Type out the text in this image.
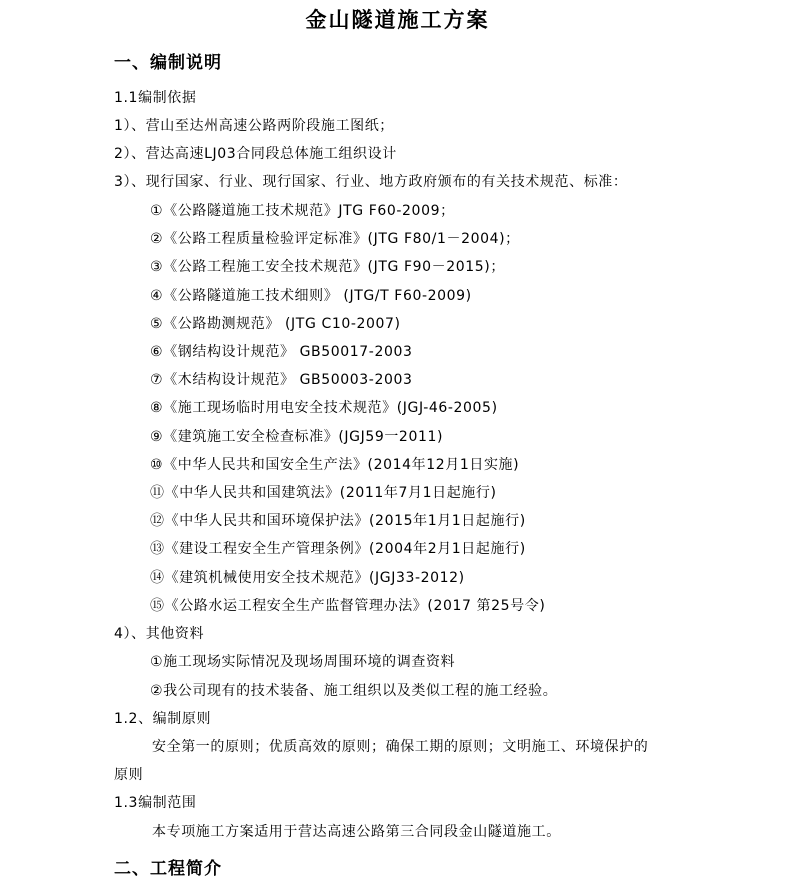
金山隧道施工方案
一、编制说明
1.1编制依据
1）、营山至达州高速公路两阶段施工图纸；
2）、营达高速LJ03合同段总体施工组织设计
3）、现行国家、行业、现行国家、行业、地方政府颁布的有关技术规范、标准：
①《公路隧道施工技术规范》JTG F60-2009；
②《公路工程质量检验评定标准》(JTG F80/1－2004)；
③《公路工程施工安全技术规范》(JTG F90－2015)；
④《公路隧道施工技术细则》 (JTG/T F60-2009)
⑤《公路勘测规范》 (JTG C10-2007)
⑥《钢结构设计规范》 GB50017-2003
⑦《木结构设计规范》 GB50003-2003
⑧《施工现场临时用电安全技术规范》(JGJ-46-2005)
⑨《建筑施工安全检查标准》(JGJ59一2011)
⑩《中华人民共和国安全生产法》(2014年12月1日实施)
⑪《中华人民共和国建筑法》(2011年7月1日起施行)
⑫《中华人民共和国环境保护法》(2015年1月1日起施行)
⑬《建设工程安全生产管理条例》(2004年2月1日起施行)
⑭《建筑机械使用安全技术规范》(JGJ33-2012)
⑮《公路水运工程安全生产监督管理办法》(2017 第25号令)
4）、其他资料
①施工现场实际情况及现场周围环境的调查资料
②我公司现有的技术装备、施工组织以及类似工程的施工经验。
1.2、编制原则
安全第一的原则；优质高效的原则；确保工期的原则；文明施工、环境保护的
原则
1.3编制范围
本专项施工方案适用于营达高速公路第三合同段金山隧道施工。
二、工程简介
